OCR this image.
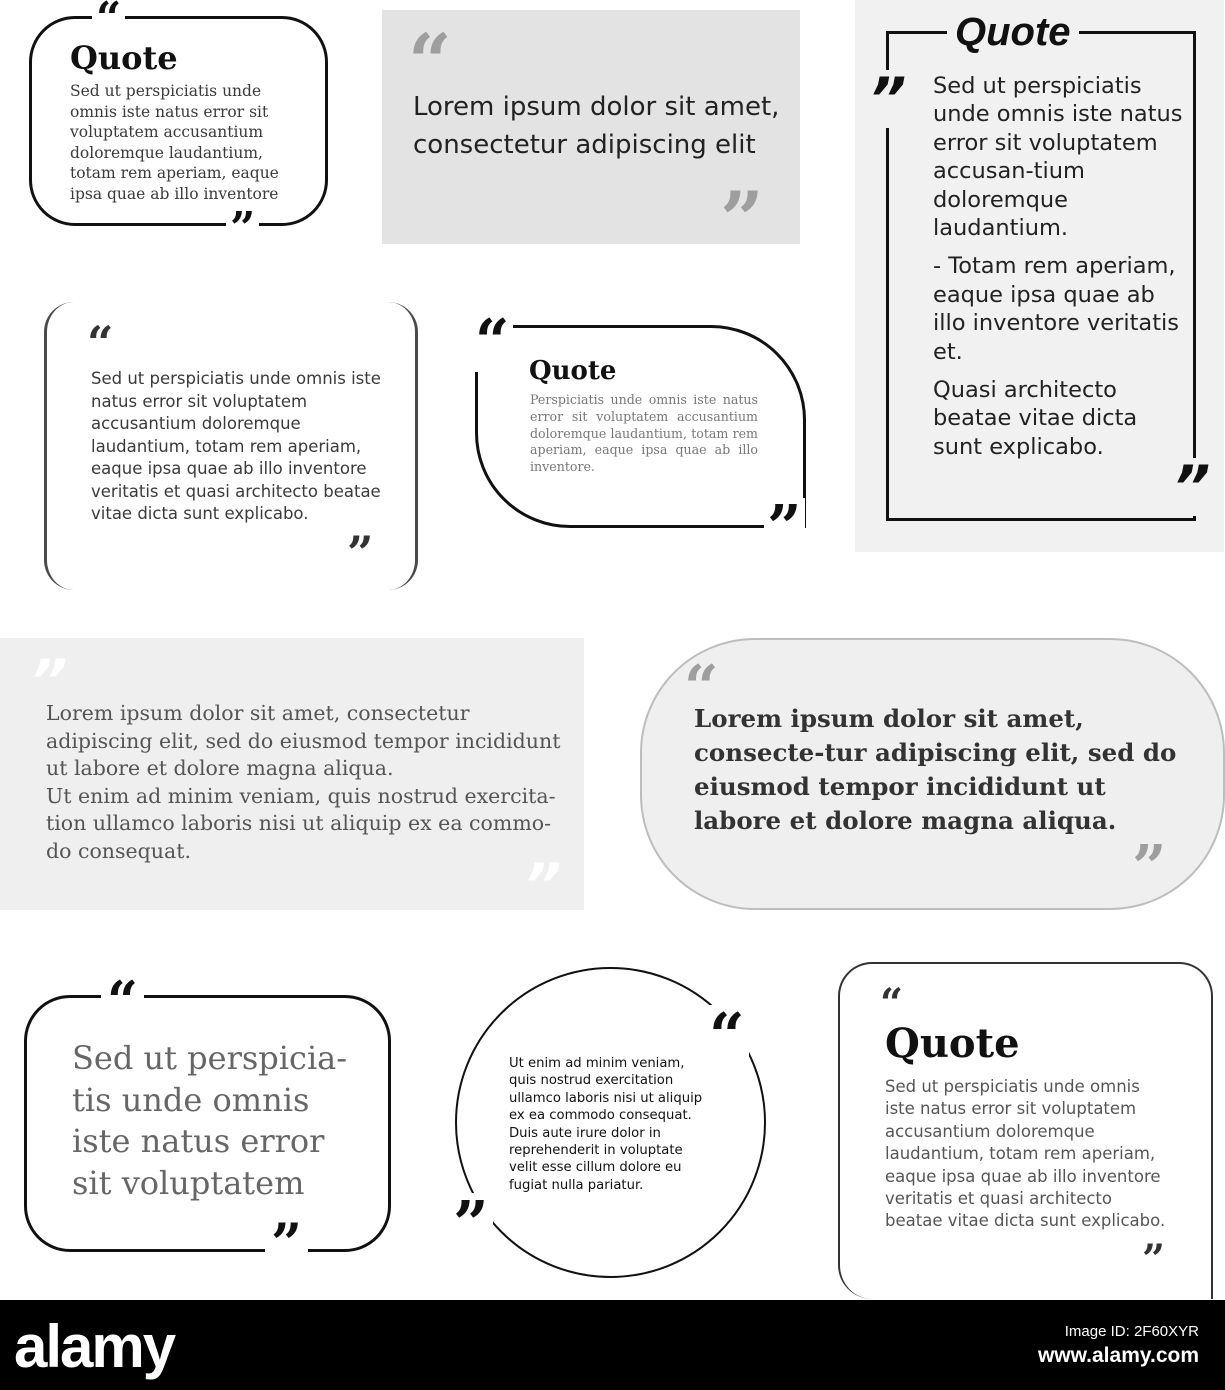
“
Quote
Sed ut perspiciatis unde omnis iste natus error sit voluptatem accusantium doloremque laudantium, totam rem aperiam, eaque ipsa quae ab illo inventore
”
“
Lorem ipsum dolor sit amet, consectetur adipiscing elit
”
Quote
” Sed ut perspiciatis unde omnis iste natus error sit voluptatem accusan-tium doloremque laudantium.

- Totam rem aperiam, eaque ipsa quae ab illo inventore veritatis et.

Quasi architecto beatae vitae dicta sunt explicabo.

”
“
Sed ut perspiciatis unde omnis iste natus error sit voluptatem accusantium doloremque laudantium, totam rem aperiam, eaque ipsa quae ab illo inventore veritatis et quasi architecto beatae vitae dicta sunt explicabo.
”
“ Quote
Perspiciatis unde omnis iste natus error sit voluptatem accusantium doloremque laudantium, totam rem aperiam, eaque ipsa quae ab illo inventore.
”
”
Lorem ipsum dolor sit amet, consectetur adipiscing elit, sed do eiusmod tempor incididunt ut labore et dolore magna aliqua.
Ut enim ad minim veniam, quis nostrud exercita-tion ullamco laboris nisi ut aliquip ex ea commo-do consequat.
”
“
Lorem ipsum dolor sit amet, consecte-tur adipiscing elit, sed do eiusmod tempor incididunt ut labore et dolore magna aliqua.
”
“
Sed ut perspicia-tis unde omnis iste natus error sit voluptatem
”
“
Ut enim ad minim veniam, quis nostrud exercitation ullamco laboris nisi ut aliquip ex ea commodo consequat. Duis aute irure dolor in reprehenderit in voluptate velit esse cillum dolore eu fugiat nulla pariatur.
”
“
Quote
Sed ut perspiciatis unde omnis iste natus error sit voluptatem accusantium doloremque laudantium, totam rem aperiam, eaque ipsa quae ab illo inventore veritatis et quasi architecto beatae vitae dicta sunt explicabo.
”
alamy	Image ID: 2F60XYR
www.alamy.com
